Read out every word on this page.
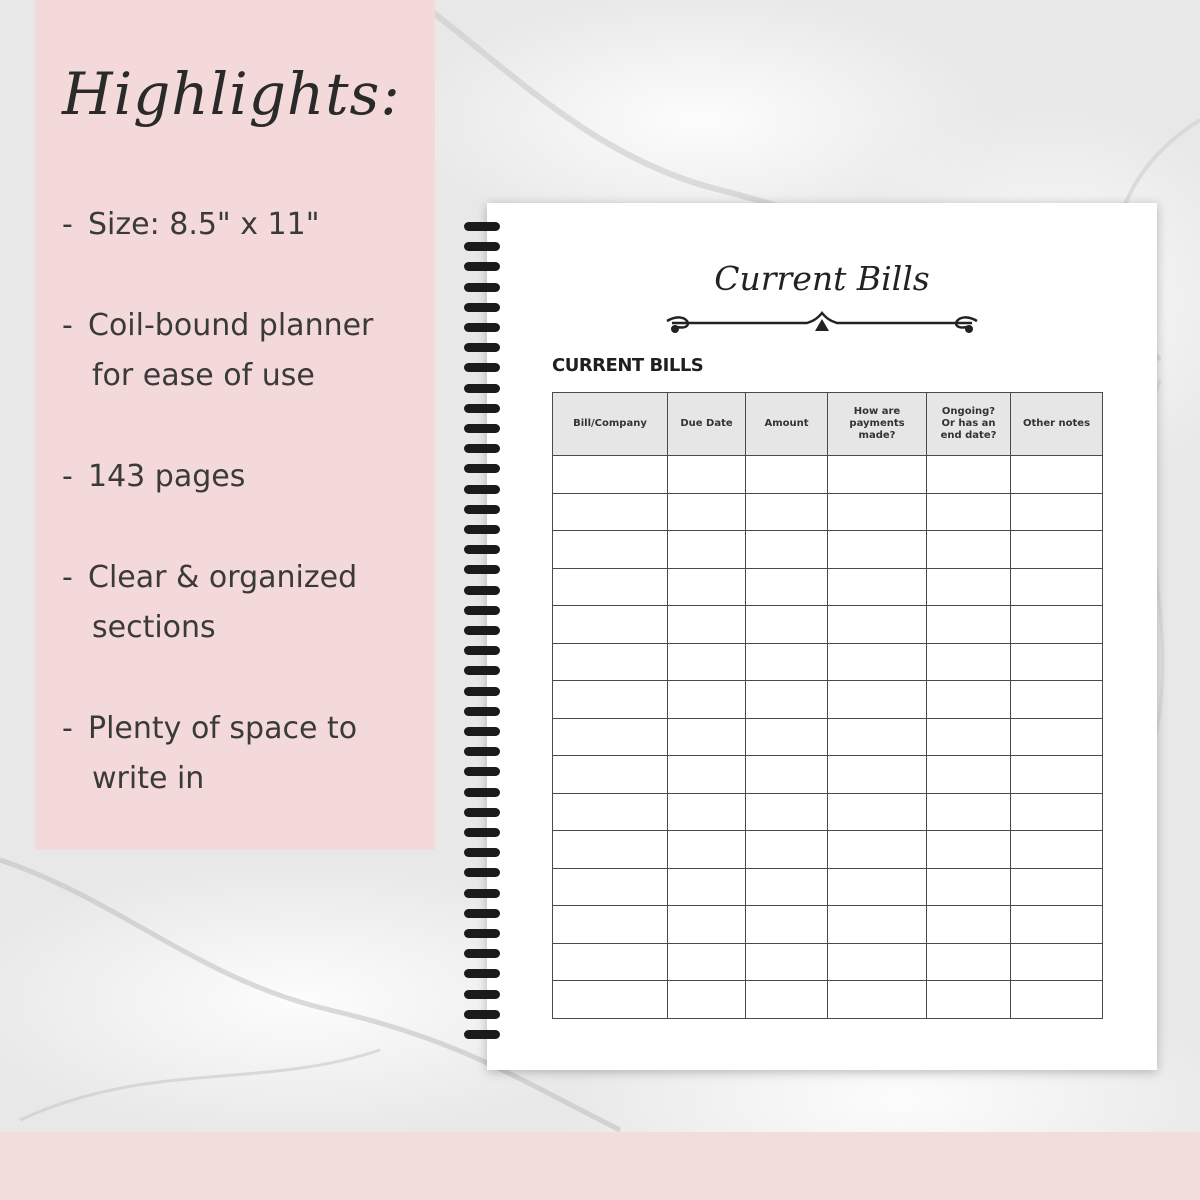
Highlights:
- Size: 8.5" x 11"
- Coil-bound planner
for ease of use
- 143 pages
- Clear & organized
sections
- Plenty of space to
write in
Current Bills
CURRENT BILLS
Bill/Company	Due Date	Amount	How are
payments
made?	Ongoing?
Or has an
end date?	Other notes
